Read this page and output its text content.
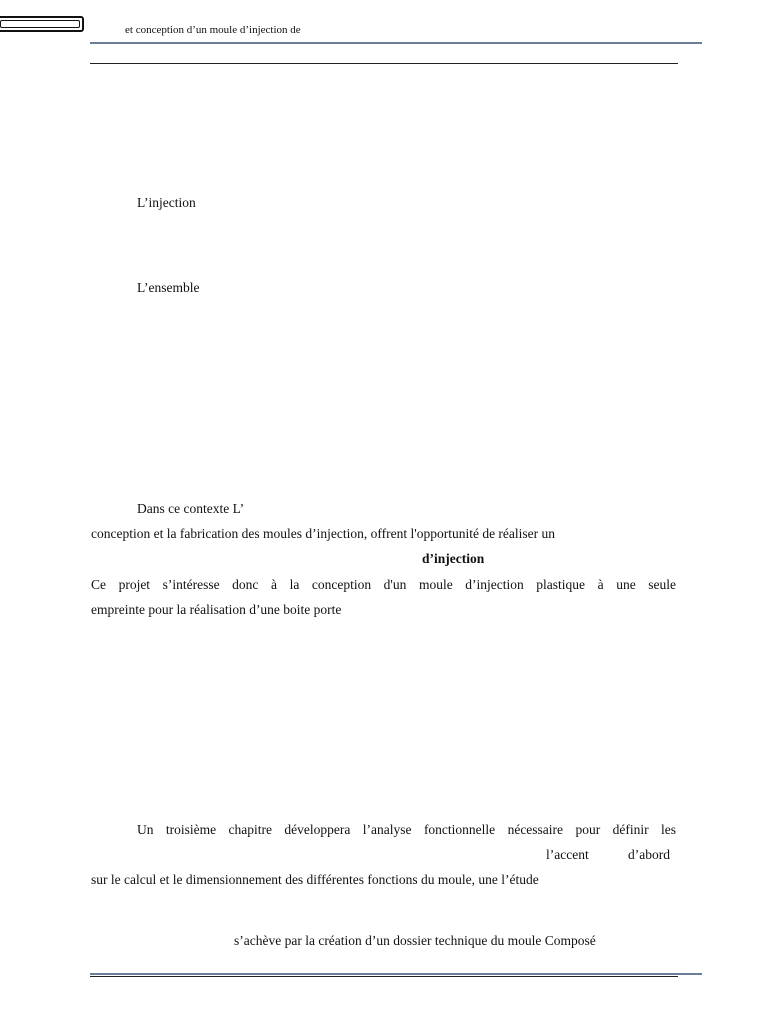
et conception d’un moule d’injection de
L’injection
L’ensemble
Dans ce contexte L’
conception et la fabrication des moules d’injection, offrent l'opportunité de réaliser un
d’injection
Ce projet s’intéresse donc à la conception d'un moule d’injection plastique à une seule
empreinte pour la réalisation d’une boite porte
Un troisième chapitre développera l’analyse fonctionnelle nécessaire pour définir les
l’accent	d’abord
sur le calcul et le dimensionnement des différentes fonctions du moule, une l’étude
s’achève par la création d’un dossier technique du moule Composé
